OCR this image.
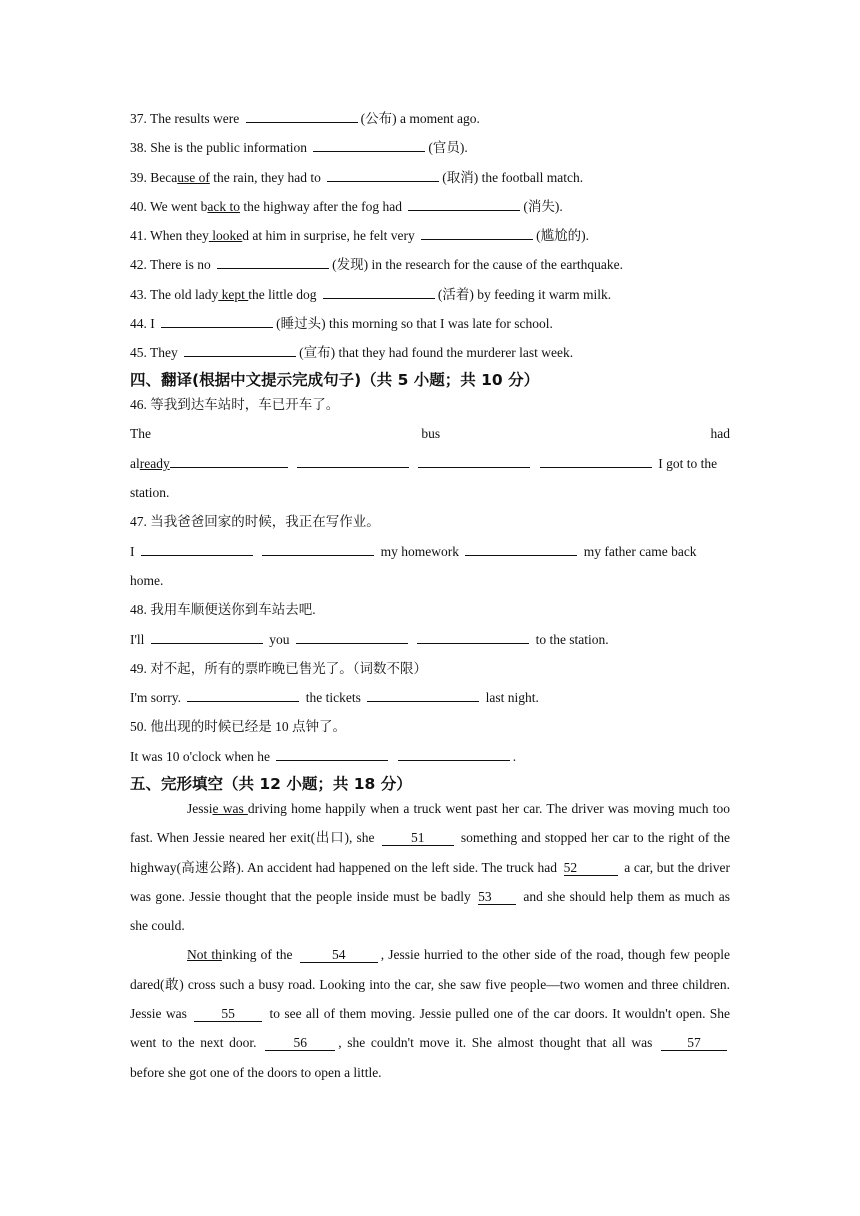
37. The results were	(公布) a moment ago.
38. She is the public information	(官员).
39. Because of the rain, they had to	(取消) the football match.
40. We went back to the highway after the fog had	(消失).
41. When they looked at him in surprise, he felt very	(尴尬的).
42. There is no	(发现) in the research for the cause of the earthquake.
43. The old lady kept the little dog	(活着) by feeding it warm milk.
44. I	(睡过头) this morning so that I was late for school.
45. They	(宣布) that they had found the murderer last week.
四、翻译(根据中文提示完成句子)（共 5 小题；共 10 分）
46. 等我到达车站时，车已开车了。
The	bus	had
already	I got to the
station.
47. 当我爸爸回家的时候，我正在写作业。
I	my homework	my father came back
home.
48. 我用车顺便送你到车站去吧.
I'll	you	to the station.
49. 对不起，所有的票昨晚已售光了。（词数不限）
I'm sorry.	the tickets	last night.
50. 他出现的时候已经是 10 点钟了。
It was 10 o'clock when he	.
五、完形填空（共 12 小题；共 18 分）

Jessie was driving home happily when a truck went past her car. The driver was moving much too fast. When Jessie neared her exit(出口), she	51	something and stopped her car to the right of the highway(高速公路). An accident had happened on the left side. The truck had 52	a car, but the driver was gone. Jessie thought that the people inside must be badly 53 and she should help them as much as she could.

Not thinking of the	54	, Jessie hurried to the other side of the road, though few people dared(敢) cross such a busy road. Looking into the car, she saw five people—two women and three children. Jessie was	55	to see all of them moving. Jessie pulled one of the car doors. It wouldn't open. She went to the next door.	56 , she couldn't move it. She almost thought that all was	57 before she got one of the doors to open a little.
